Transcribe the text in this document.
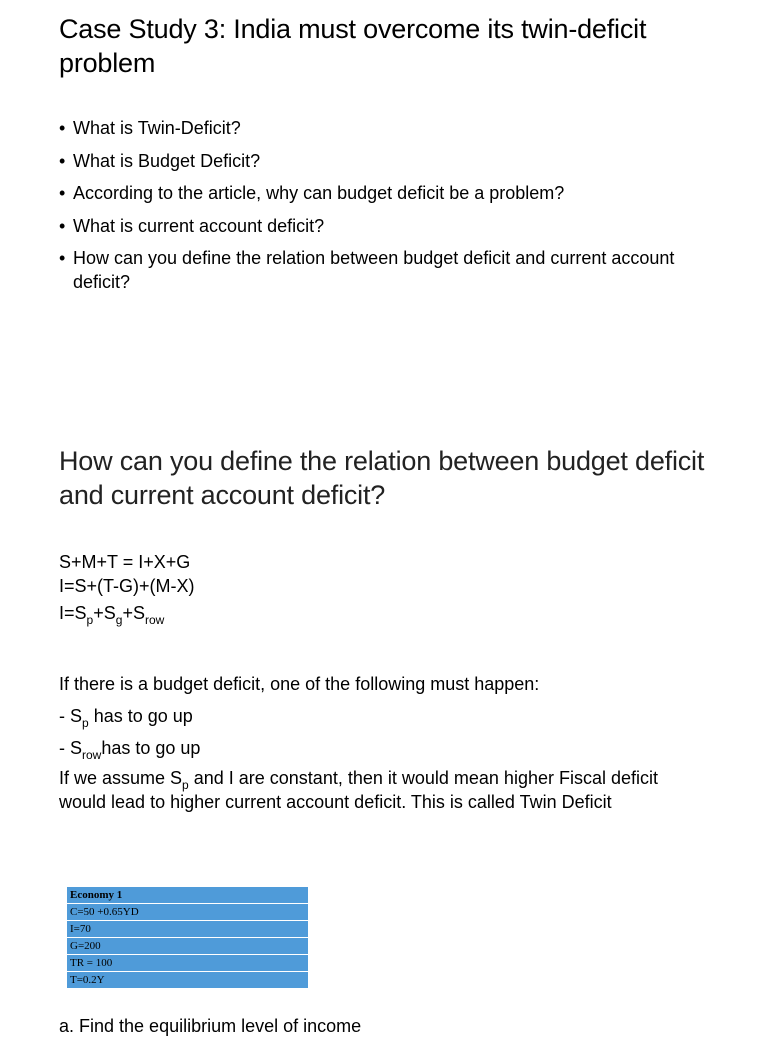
Case Study 3: India must overcome its twin-deficit problem
• What is Twin-Deficit?
• What is Budget Deficit?
• According to the article, why can budget deficit be a problem?
• What is current account deficit?
• How can you define the relation between budget deficit and current account deficit?
How can you define the relation between budget deficit and current account deficit?
S+M+T = I+X+G
I=S+(T-G)+(M-X)
$I=S_p+S_g+S_{row}$
If there is a budget deficit, one of the following must happen:
- $S_p$ has to go up
- $S_{row}has$ to go up
If we assume $S_p$ and I are constant, then it would mean higher Fiscal deficit would lead to higher current account deficit. This is called Twin Deficit
Economy 1
C=50 +0.65YD
I=70
G=200
TR = 100
T=0.2Y
a. Find the equilibrium level of income
